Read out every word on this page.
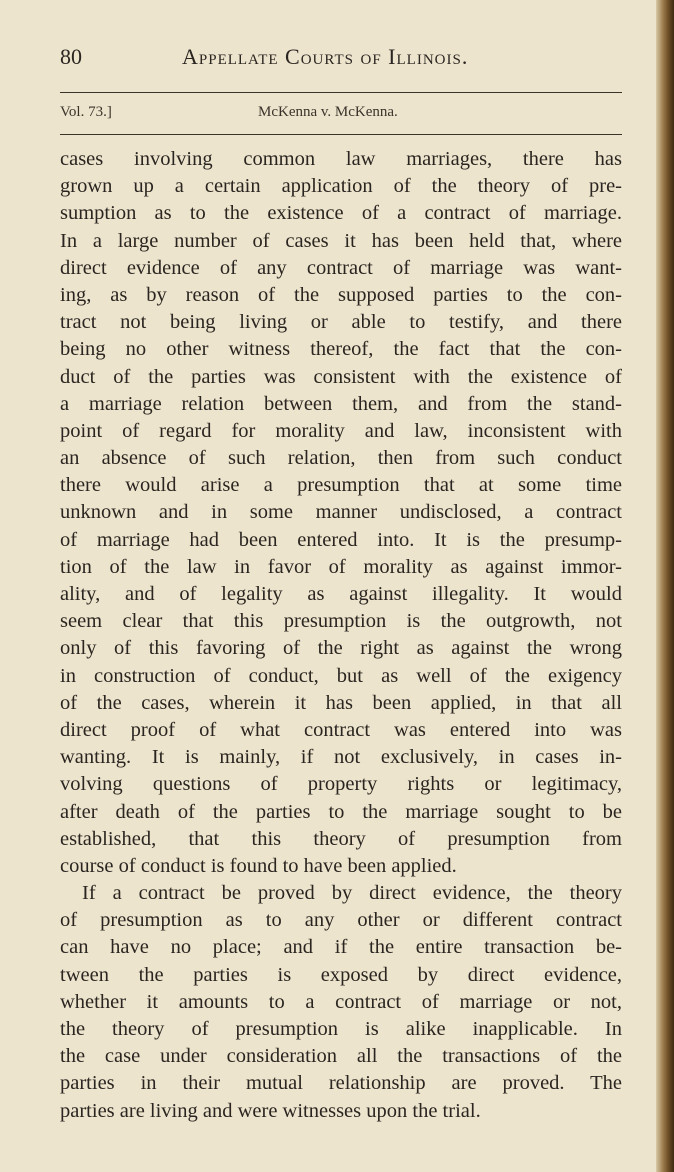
80	Appellate Courts of Illinois.
Vol. 73.]	McKenna v. McKenna.
cases involving common law marriages, there has
grown up a certain application of the theory of pre-
sumption as to the existence of a contract of marriage.
In a large number of cases it has been held that, where
direct evidence of any contract of marriage was want-
ing, as by reason of the supposed parties to the con-
tract not being living or able to testify, and there
being no other witness thereof, the fact that the con-
duct of the parties was consistent with the existence of
a marriage relation between them, and from the stand-
point of regard for morality and law, inconsistent with
an absence of such relation, then from such conduct
there would arise a presumption that at some time
unknown and in some manner undisclosed, a contract
of marriage had been entered into. It is the presump-
tion of the law in favor of morality as against immor-
ality, and of legality as against illegality. It would
seem clear that this presumption is the outgrowth, not
only of this favoring of the right as against the wrong
in construction of conduct, but as well of the exigency
of the cases, wherein it has been applied, in that all
direct proof of what contract was entered into was
wanting. It is mainly, if not exclusively, in cases in-
volving questions of property rights or legitimacy,
after death of the parties to the marriage sought to be
established, that this theory of presumption from
course of conduct is found to have been applied.
If a contract be proved by direct evidence, the theory
of presumption as to any other or different contract
can have no place; and if the entire transaction be-
tween the parties is exposed by direct evidence,
whether it amounts to a contract of marriage or not,
the theory of presumption is alike inapplicable. In
the case under consideration all the transactions of the
parties in their mutual relationship are proved. The
parties are living and were witnesses upon the trial.
